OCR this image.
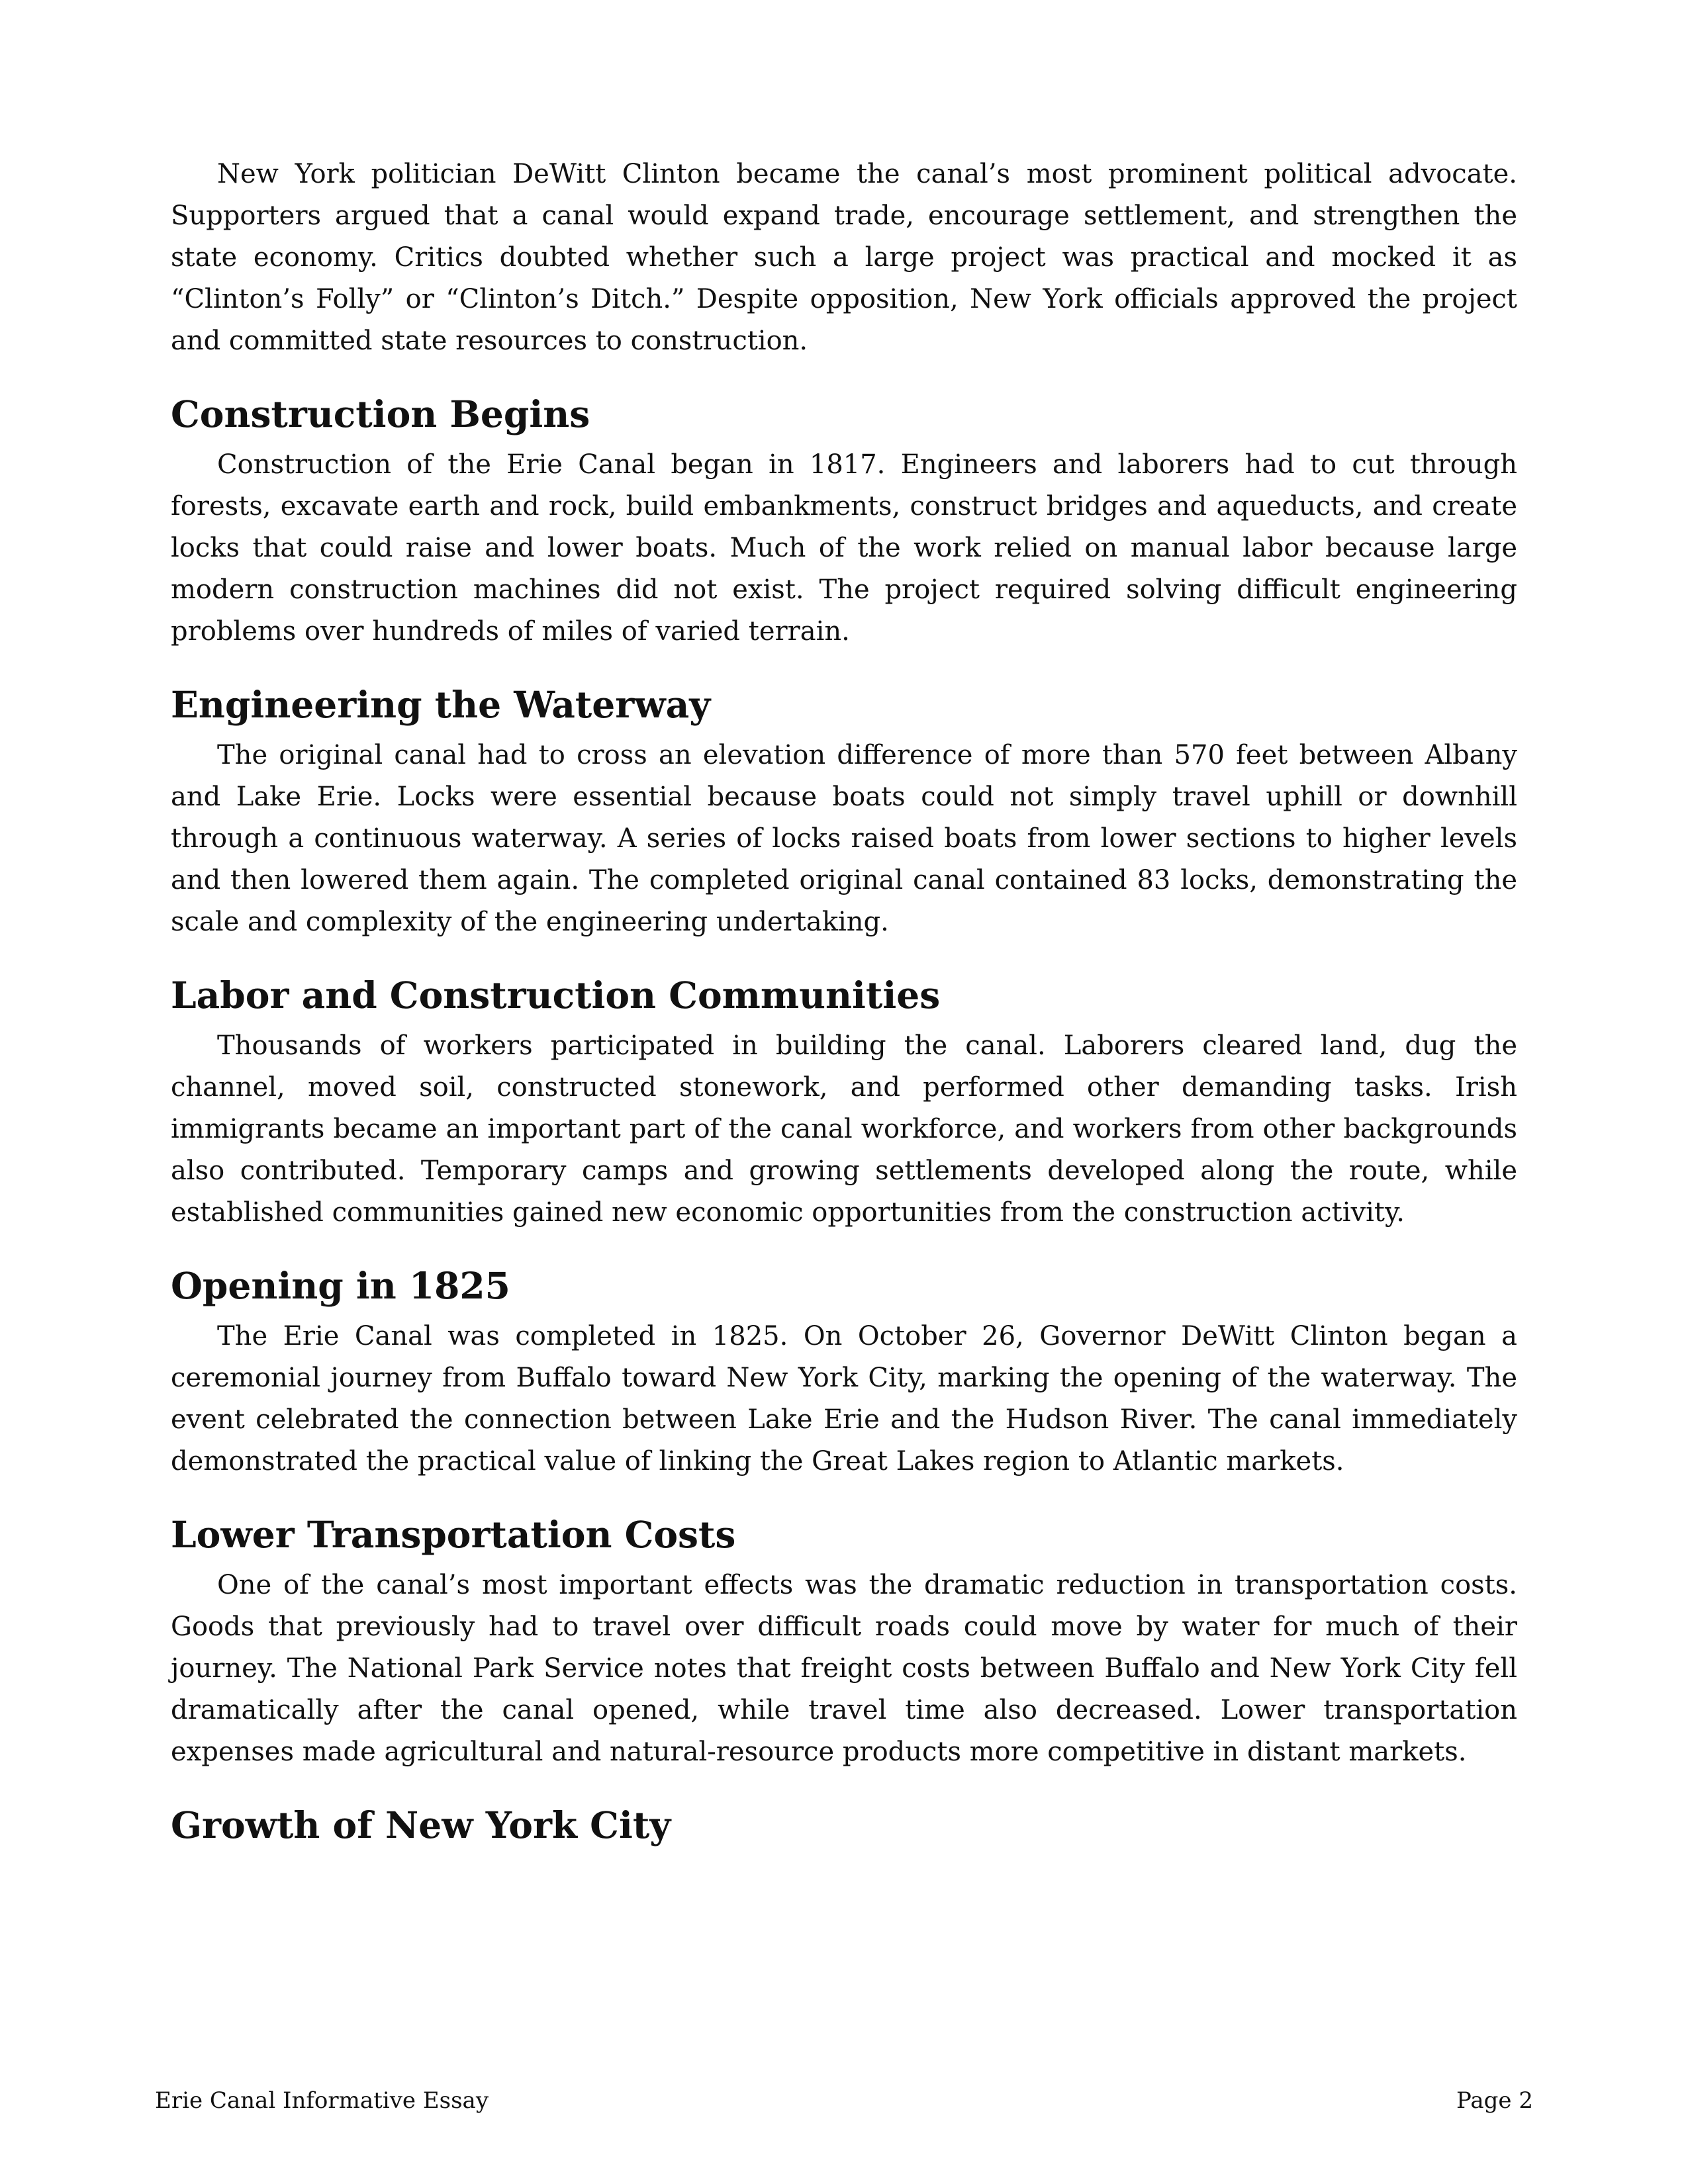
New York politician DeWitt Clinton became the canal’s most prominent political advocate. Supporters argued that a canal would expand trade, encourage settlement, and strengthen the state economy. Critics doubted whether such a large project was practical and mocked it as “Clinton’s Folly” or “Clinton’s Ditch.” Despite opposition, New York officials approved the project and committed state resources to construction.

Construction Begins

Construction of the Erie Canal began in 1817. Engineers and laborers had to cut through forests, excavate earth and rock, build embankments, construct bridges and aqueducts, and create locks that could raise and lower boats. Much of the work relied on manual labor because large modern construction machines did not exist. The project required solving difficult engineering problems over hundreds of miles of varied terrain.

Engineering the Waterway

The original canal had to cross an elevation difference of more than 570 feet between Albany and Lake Erie. Locks were essential because boats could not simply travel uphill or downhill through a continuous waterway. A series of locks raised boats from lower sections to higher levels and then lowered them again. The completed original canal contained 83 locks, demonstrating the scale and complexity of the engineering undertaking.

Labor and Construction Communities

Thousands of workers participated in building the canal. Laborers cleared land, dug the channel, moved soil, constructed stonework, and performed other demanding tasks. Irish immigrants became an important part of the canal workforce, and workers from other backgrounds also contributed. Temporary camps and growing settlements developed along the route, while established communities gained new economic opportunities from the construction activity.

Opening in 1825

The Erie Canal was completed in 1825. On October 26, Governor DeWitt Clinton began a ceremonial journey from Buffalo toward New York City, marking the opening of the waterway. The event celebrated the connection between Lake Erie and the Hudson River. The canal immediately demonstrated the practical value of linking the Great Lakes region to Atlantic markets.

Lower Transportation Costs

One of the canal’s most important effects was the dramatic reduction in transportation costs. Goods that previously had to travel over difficult roads could move by water for much of their journey. The National Park Service notes that freight costs between Buffalo and New York City fell dramatically after the canal opened, while travel time also decreased. Lower transportation expenses made agricultural and natural-resource products more competitive in distant markets.

Growth of New York City
Erie Canal Informative Essay	Page 2
